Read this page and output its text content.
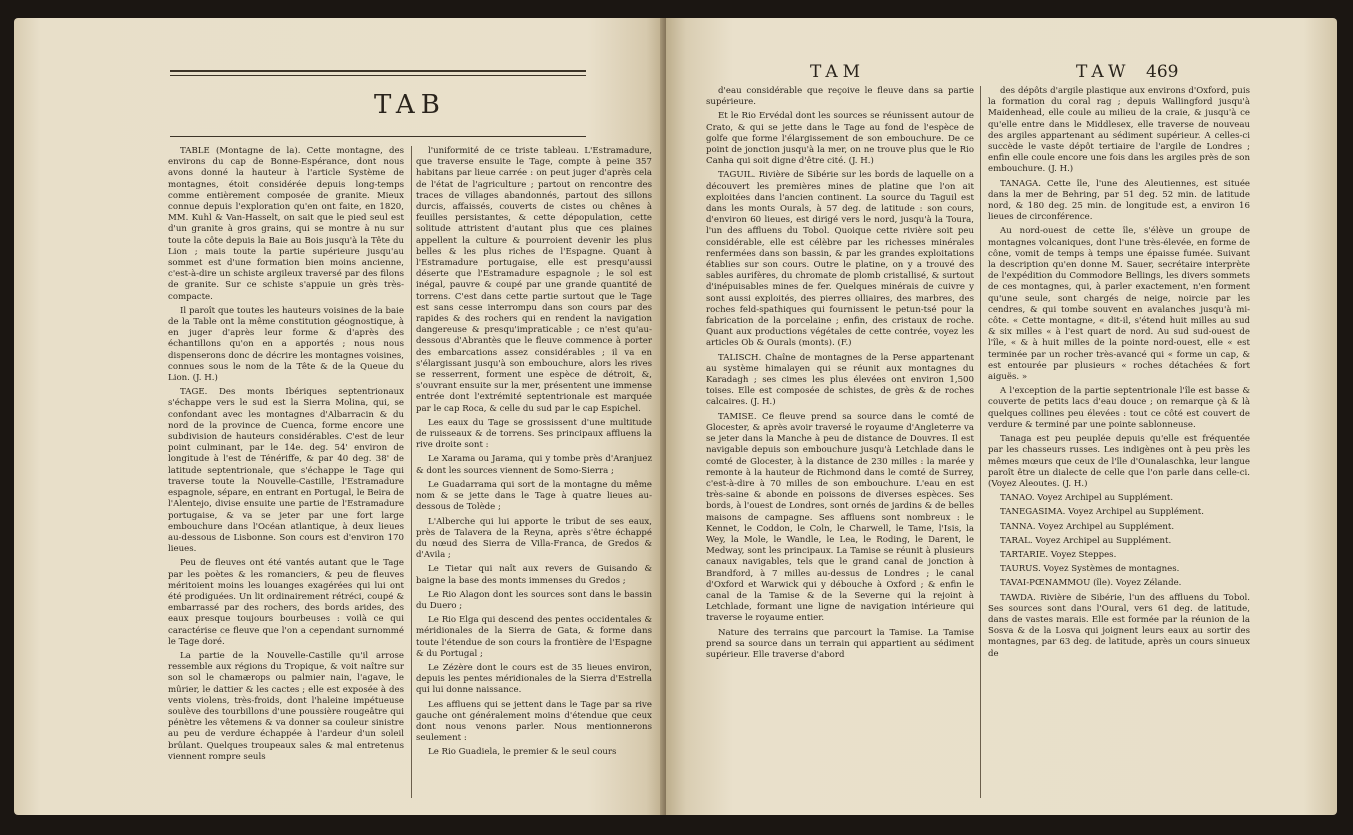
TAB

TABLE (Montagne de la). Cette montagne, des environs du cap de Bonne-Espérance, dont nous avons donné la hauteur à l'article Système de montagnes, étoit considérée depuis long-temps comme entièrement composée de granite. Mieux connue depuis l'exploration qu'en ont faite, en 1820, MM. Kuhl & Van-Hasselt, on sait que le pied seul est d'un granite à gros grains, qui se montre à nu sur toute la côte depuis la Baie au Bois jusqu'à la Tête du Lion ; mais toute la partie supérieure jusqu'au sommet est d'une formation bien moins ancienne, c'est-à-dire un schiste argileux traversé par des filons de granite. Sur ce schiste s'appuie un grès très-compacte.

Il paroît que toutes les hauteurs voisines de la baie de la Table ont la même constitution géognostique, à en juger d'après leur forme & d'après des échantillons qu'on en a apportés ; nous nous dispenserons donc de décrire les montagnes voisines, connues sous le nom de la Tête & de la Queue du Lion. (J. H.)

TAGE. Des monts Ibériques septentrionaux s'échappe vers le sud est la Sierra Molina, qui, se confondant avec les montagnes d'Albarracin & du nord de la province de Cuenca, forme encore une subdivision de hauteurs considérables. C'est de leur point culminant, par le 14e. deg. 54' environ de longitude à l'est de Ténériffe, & par 40 deg. 38' de latitude septentrionale, que s'échappe le Tage qui traverse toute la Nouvelle-Castille, l'Estramadure espagnole, sépare, en entrant en Portugal, le Beira de l'Alentejo, divise ensuite une partie de l'Estramadure portugaise, & va se jeter par une fort large embouchure dans l'Océan atlantique, à deux lieues au-dessous de Lisbonne. Son cours est d'environ 170 lieues.

Peu de fleuves ont été vantés autant que le Tage par les poètes & les romanciers, & peu de fleuves méritoient moins les louanges exagérées qui lui ont été prodiguées. Un lit ordinairement rétréci, coupé & embarrassé par des rochers, des bords arides, des eaux presque toujours bourbeuses : voilà ce qui caractérise ce fleuve que l'on a cependant surnommé le Tage doré.

La partie de la Nouvelle-Castille qu'il arrose ressemble aux régions du Tropique, & voit naître sur son sol le chamærops ou palmier nain, l'agave, le mûrier, le dattier & les cactes ; elle est exposée à des vents violens, très-froids, dont l'haleine impétueuse soulève des tourbillons d'une poussière rougeâtre qui pénètre les vêtemens & va donner sa couleur sinistre au peu de verdure échappée à l'ardeur d'un soleil brûlant. Quelques troupeaux sales & mal entretenus viennent rompre seuls

l'uniformité de ce triste tableau. L'Estramadure, que traverse ensuite le Tage, compte à peine 357 habitans par lieue carrée : on peut juger d'après cela de l'état de l'agriculture ; partout on rencontre des traces de villages abandonnés, partout des sillons durcis, affaissés, couverts de cistes ou chênes à feuilles persistantes, & cette dépopulation, cette solitude attristent d'autant plus que ces plaines appellent la culture & pourroient devenir les plus belles & les plus riches de l'Espagne. Quant à l'Estramadure portugaise, elle est presqu'aussi déserte que l'Estramadure espagnole ; le sol est inégal, pauvre & coupé par une grande quantité de torrens. C'est dans cette partie surtout que le Tage est sans cesse interrompu dans son cours par des rapides & des rochers qui en rendent la navigation dangereuse & presqu'impraticable ; ce n'est qu'au-dessous d'Abrantès que le fleuve commence à porter des embarcations assez considérables ; il va en s'élargissant jusqu'à son embouchure, alors les rives se resserrent, forment une espèce de détroit, &, s'ouvrant ensuite sur la mer, présentent une immense entrée dont l'extrémité septentrionale est marquée par le cap Roca, & celle du sud par le cap Espichel.

Les eaux du Tage se grossissent d'une multitude de ruisseaux & de torrens. Ses principaux affluens la rive droite sont :

Le Xarama ou Jarama, qui y tombe près d'Aranjuez & dont les sources viennent de Somo-Sierra ;

Le Guadarrama qui sort de la montagne du même nom & se jette dans le Tage à quatre lieues au-dessous de Tolède ;

L'Alberche qui lui apporte le tribut de ses eaux, près de Talavera de la Reyna, après s'être échappé du nœud des Sierra de Villa-Franca, de Gredos & d'Avila ;

Le Tietar qui naît aux revers de Guisando & baigne la base des monts immenses du Gredos ;

Le Rio Alagon dont les sources sont dans le bassin du Duero ;

Le Rio Elga qui descend des pentes occidentales & méridionales de la Sierra de Gata, & forme dans toute l'étendue de son cours la frontière de l'Espagne & du Portugal ;

Le Zézère dont le cours est de 35 lieues environ, depuis les pentes méridionales de la Sierra d'Estrella qui lui donne naissance.

Les affluens qui se jettent dans le Tage par sa rive gauche ont généralement moins d'étendue que ceux dont nous venons parler. Nous mentionnerons seulement :

Le Rio Guadiela, le premier & le seul cours

TAM	TAW 469

d'eau considérable que reçoive le fleuve dans sa partie supérieure.

Et le Rio Ervédal dont les sources se réunissent autour de Crato, & qui se jette dans le Tage au fond de l'espèce de golfe que forme l'élargissement de son embouchure. De ce point de jonction jusqu'à la mer, on ne trouve plus que le Rio Canha qui soit digne d'être cité. (J. H.)

TAGUIL. Rivière de Sibérie sur les bords de laquelle on a découvert les premières mines de platine que l'on ait exploitées dans l'ancien continent. La source du Taguil est dans les monts Ourals, à 57 deg. de latitude : son cours, d'environ 60 lieues, est dirigé vers le nord, jusqu'à la Toura, l'un des affluens du Tobol. Quoique cette rivière soit peu considérable, elle est célèbre par les richesses minérales renfermées dans son bassin, & par les grandes exploitations établies sur son cours. Outre le platine, on y a trouvé des sables aurifères, du chromate de plomb cristallisé, & surtout d'inépuisables mines de fer. Quelques minérais de cuivre y sont aussi exploités, des pierres olliaires, des marbres, des roches feld-spathiques qui fournissent le petun-tsé pour la fabrication de la porcelaine ; enfin, des cristaux de roche. Quant aux productions végétales de cette contrée, voyez les articles Ob & Ourals (monts). (F.)

TALISCH. Chaîne de montagnes de la Perse appartenant au système himalayen qui se réunit aux montagnes du Karadagh ; ses cimes les plus élevées ont environ 1,500 toises. Elle est composée de schistes, de grès & de roches calcaires. (J. H.)

TAMISE. Ce fleuve prend sa source dans le comté de Glocester, & après avoir traversé le royaume d'Angleterre va se jeter dans la Manche à peu de distance de Douvres. Il est navigable depuis son embouchure jusqu'à Letchlade dans le comté de Glocester, à la distance de 230 milles : la marée y remonte à la hauteur de Richmond dans le comté de Surrey, c'est-à-dire à 70 milles de son embouchure. L'eau en est très-saine & abonde en poissons de diverses espèces. Ses bords, à l'ouest de Londres, sont ornés de jardins & de belles maisons de campagne. Ses affluens sont nombreux : le Kennet, le Coddon, le Coln, le Charwell, le Tame, l'Isis, la Wey, la Mole, le Wandle, le Lea, le Roding, le Darent, le Medway, sont les principaux. La Tamise se réunit à plusieurs canaux navigables, tels que le grand canal de jonction à Brandford, à 7 milles au-dessus de Londres ; le canal d'Oxford et Warwick qui y débouche à Oxford ; & enfin le canal de la Tamise & de la Severne qui la rejoint à Letchlade, formant une ligne de navigation intérieure qui traverse le royaume entier.

Nature des terrains que parcourt la Tamise. La Tamise prend sa source dans un terrain qui appartient au sédiment supérieur. Elle traverse d'abord

des dépôts d'argile plastique aux environs d'Oxford, puis la formation du coral rag ; depuis Wallingford jusqu'à Maidenhead, elle coule au milieu de la craie, & jusqu'à ce qu'elle entre dans le Middlesex, elle traverse de nouveau des argiles appartenant au sédiment supérieur. A celles-ci succède le vaste dépôt tertiaire de l'argile de Londres ; enfin elle coule encore une fois dans les argiles près de son embouchure. (J. H.)

TANAGA. Cette île, l'une des Aleutiennes, est située dans la mer de Behring, par 51 deg. 52 min. de latitude nord, & 180 deg. 25 min. de longitude est, a environ 16 lieues de circonférence.

Au nord-ouest de cette île, s'élève un groupe de montagnes volcaniques, dont l'une très-élevée, en forme de cône, vomit de temps à temps une épaisse fumée. Suivant la description qu'en donne M. Sauer, secrétaire interprète de l'expédition du Commodore Bellings, les divers sommets de ces montagnes, qui, à parler exactement, n'en forment qu'une seule, sont chargés de neige, noircie par les cendres, & qui tombe souvent en avalanches jusqu'à mi-côte. « Cette montagne, « dit-il, s'étend huit milles au sud & six milles « à l'est quart de nord. Au sud sud-ouest de l'île, « & à huit milles de la pointe nord-ouest, elle « est terminée par un rocher très-avancé qui « forme un cap, & est entourée par plusieurs « roches détachées & fort aiguës. »

A l'exception de la partie septentrionale l'île est basse & couverte de petits lacs d'eau douce ; on remarque çà & là quelques collines peu élevées : tout ce côté est couvert de verdure & terminé par une pointe sablonneuse.

Tanaga est peu peuplée depuis qu'elle est fréquentée par les chasseurs russes. Les indigènes ont à peu près les mêmes mœurs que ceux de l'île d'Ounalaschka, leur langue paroît être un dialecte de celle que l'on parle dans celle-ci. (Voyez Aleoutes. (J. H.)

TANAO. Voyez Archipel au Supplément.

TANEGASIMA. Voyez Archipel au Supplément.

TANNA. Voyez Archipel au Supplément.

TARAL. Voyez Archipel au Supplément.

TARTARIE. Voyez Steppes.

TAURUS. Voyez Systèmes de montagnes.

TAVAI-PŒNAMMOU (île). Voyez Zélande.

TAWDA. Rivière de Sibérie, l'un des affluens du Tobol. Ses sources sont dans l'Oural, vers 61 deg. de latitude, dans de vastes marais. Elle est formée par la réunion de la Sosva & de la Losva qui joignent leurs eaux au sortir des montagnes, par 63 deg. de latitude, après un cours sinueux de
